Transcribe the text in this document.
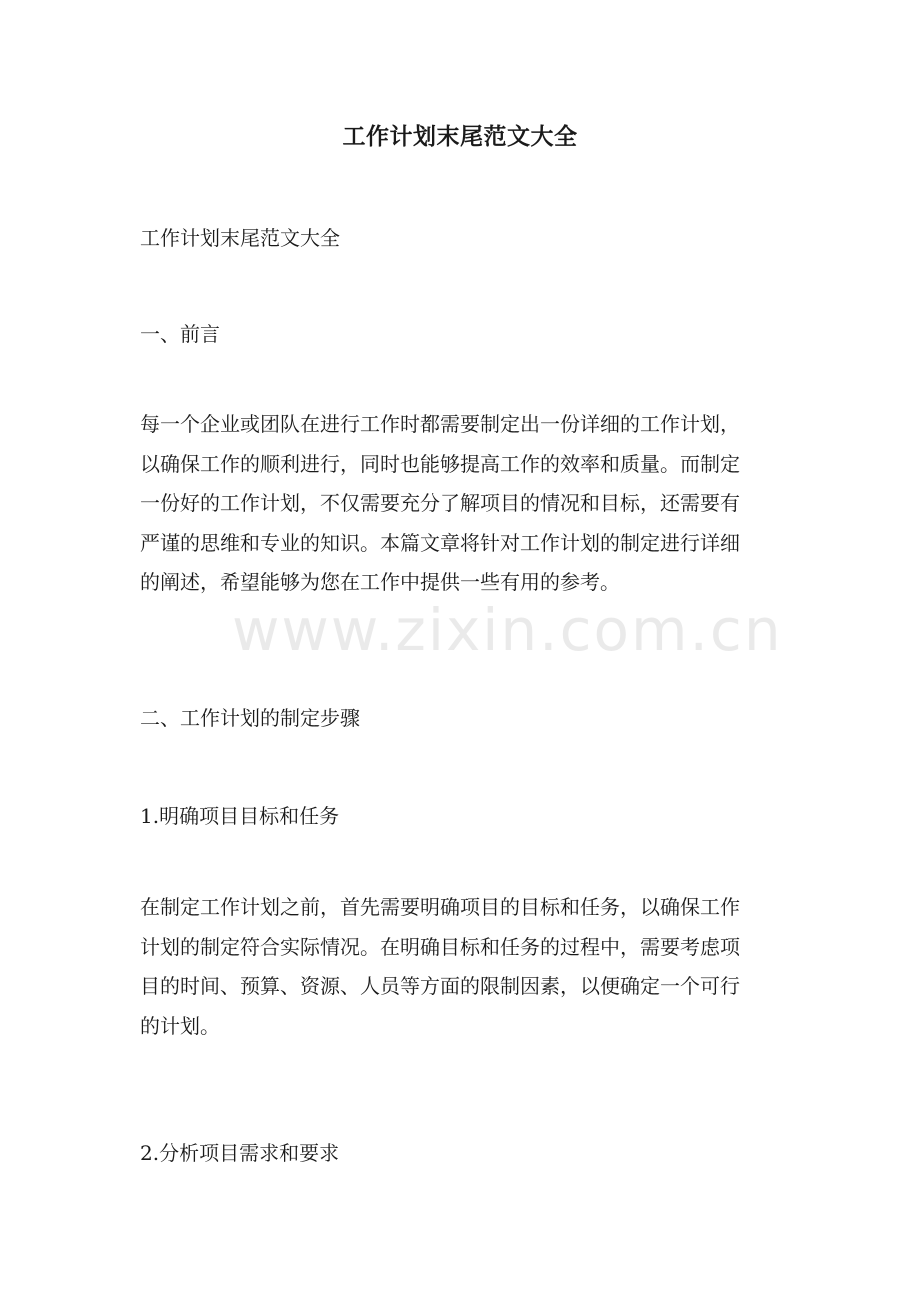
工作计划末尾范文大全

工作计划末尾范文大全

一、前言

每一个企业或团队在进行工作时都需要制定出一份详细的工作计划，
以确保工作的顺利进行，同时也能够提高工作的效率和质量。而制定
一份好的工作计划，不仅需要充分了解项目的情况和目标，还需要有
严谨的思维和专业的知识。本篇文章将针对工作计划的制定进行详细
的阐述，希望能够为您在工作中提供一些有用的参考。

二、工作计划的制定步骤

1.明确项目目标和任务

在制定工作计划之前，首先需要明确项目的目标和任务，以确保工作
计划的制定符合实际情况。在明确目标和任务的过程中，需要考虑项
目的时间、预算、资源、人员等方面的限制因素，以便确定一个可行
的计划。

2.分析项目需求和要求

www.zixin.com.cn
